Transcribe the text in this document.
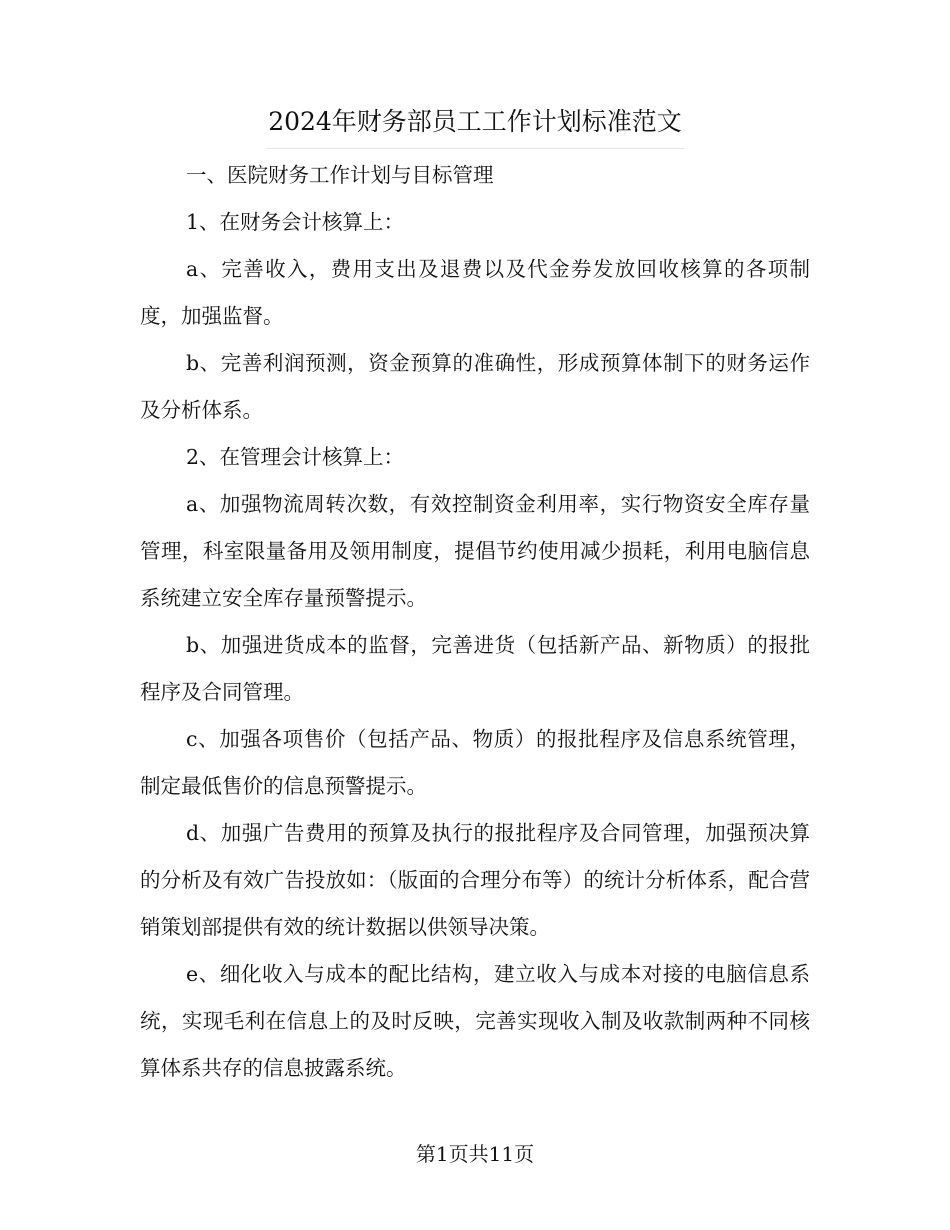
2024年财务部员工工作计划标准范文

一、医院财务工作计划与目标管理

1、在财务会计核算上：

a、完善收入，费用支出及退费以及代金券发放回收核算的各项制度，加强监督。

b、完善利润预测，资金预算的准确性，形成预算体制下的财务运作及分析体系。

2、在管理会计核算上：

a、加强物流周转次数，有效控制资金利用率，实行物资安全库存量管理，科室限量备用及领用制度，提倡节约使用减少损耗，利用电脑信息系统建立安全库存量预警提示。

b、加强进货成本的监督，完善进货（包括新产品、新物质）的报批程序及合同管理。

c、加强各项售价（包括产品、物质）的报批程序及信息系统管理，制定最低售价的信息预警提示。

d、加强广告费用的预算及执行的报批程序及合同管理，加强预决算的分析及有效广告投放如：（版面的合理分布等）的统计分析体系，配合营销策划部提供有效的统计数据以供领导决策。

e、细化收入与成本的配比结构，建立收入与成本对接的电脑信息系统，实现毛利在信息上的及时反映，完善实现收入制及收款制两种不同核算体系共存的信息披露系统。

第1页共11页
